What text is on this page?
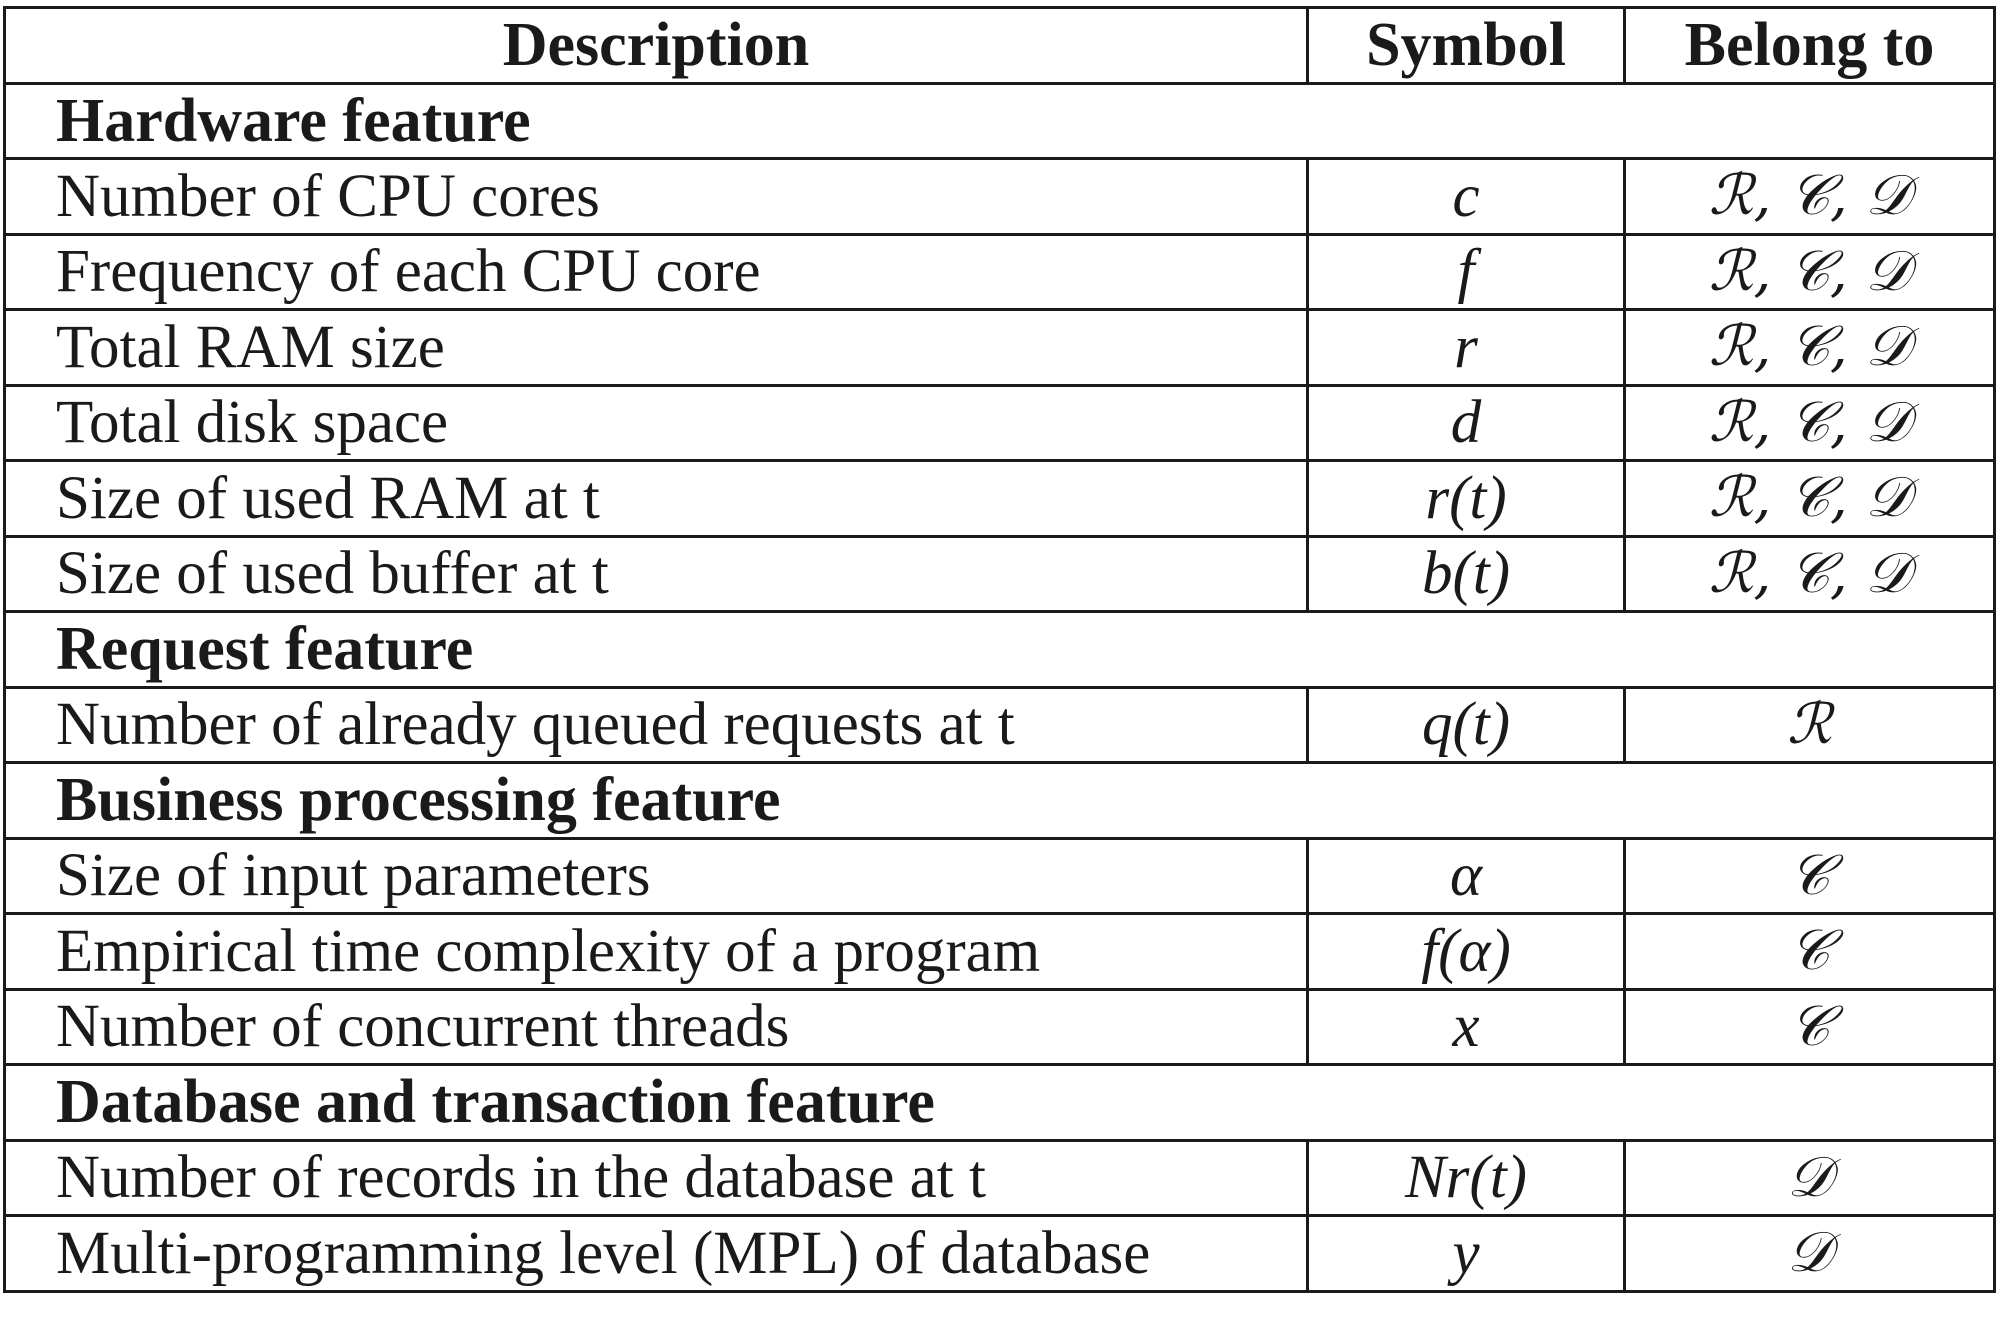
Description	Symbol	Belong to
Hardware feature		
Number of CPU cores	c	ℛ, 𝒞, 𝒟
Frequency of each CPU core	f	ℛ, 𝒞, 𝒟
Total RAM size	r	ℛ, 𝒞, 𝒟
Total disk space	d	ℛ, 𝒞, 𝒟
Size of used RAM at t	r(t)	ℛ, 𝒞, 𝒟
Size of used buffer at t	b(t)	ℛ, 𝒞, 𝒟
Request feature		
Number of already queued requests at t	q(t)	ℛ
Business processing feature		
Size of input parameters	α	𝒞
Empirical time complexity of a program	f(α)	𝒞
Number of concurrent threads	x	𝒞
Database and transaction feature		
Number of records in the database at t	Nr(t)	𝒟
Multi-programming level (MPL) of database	y	𝒟
